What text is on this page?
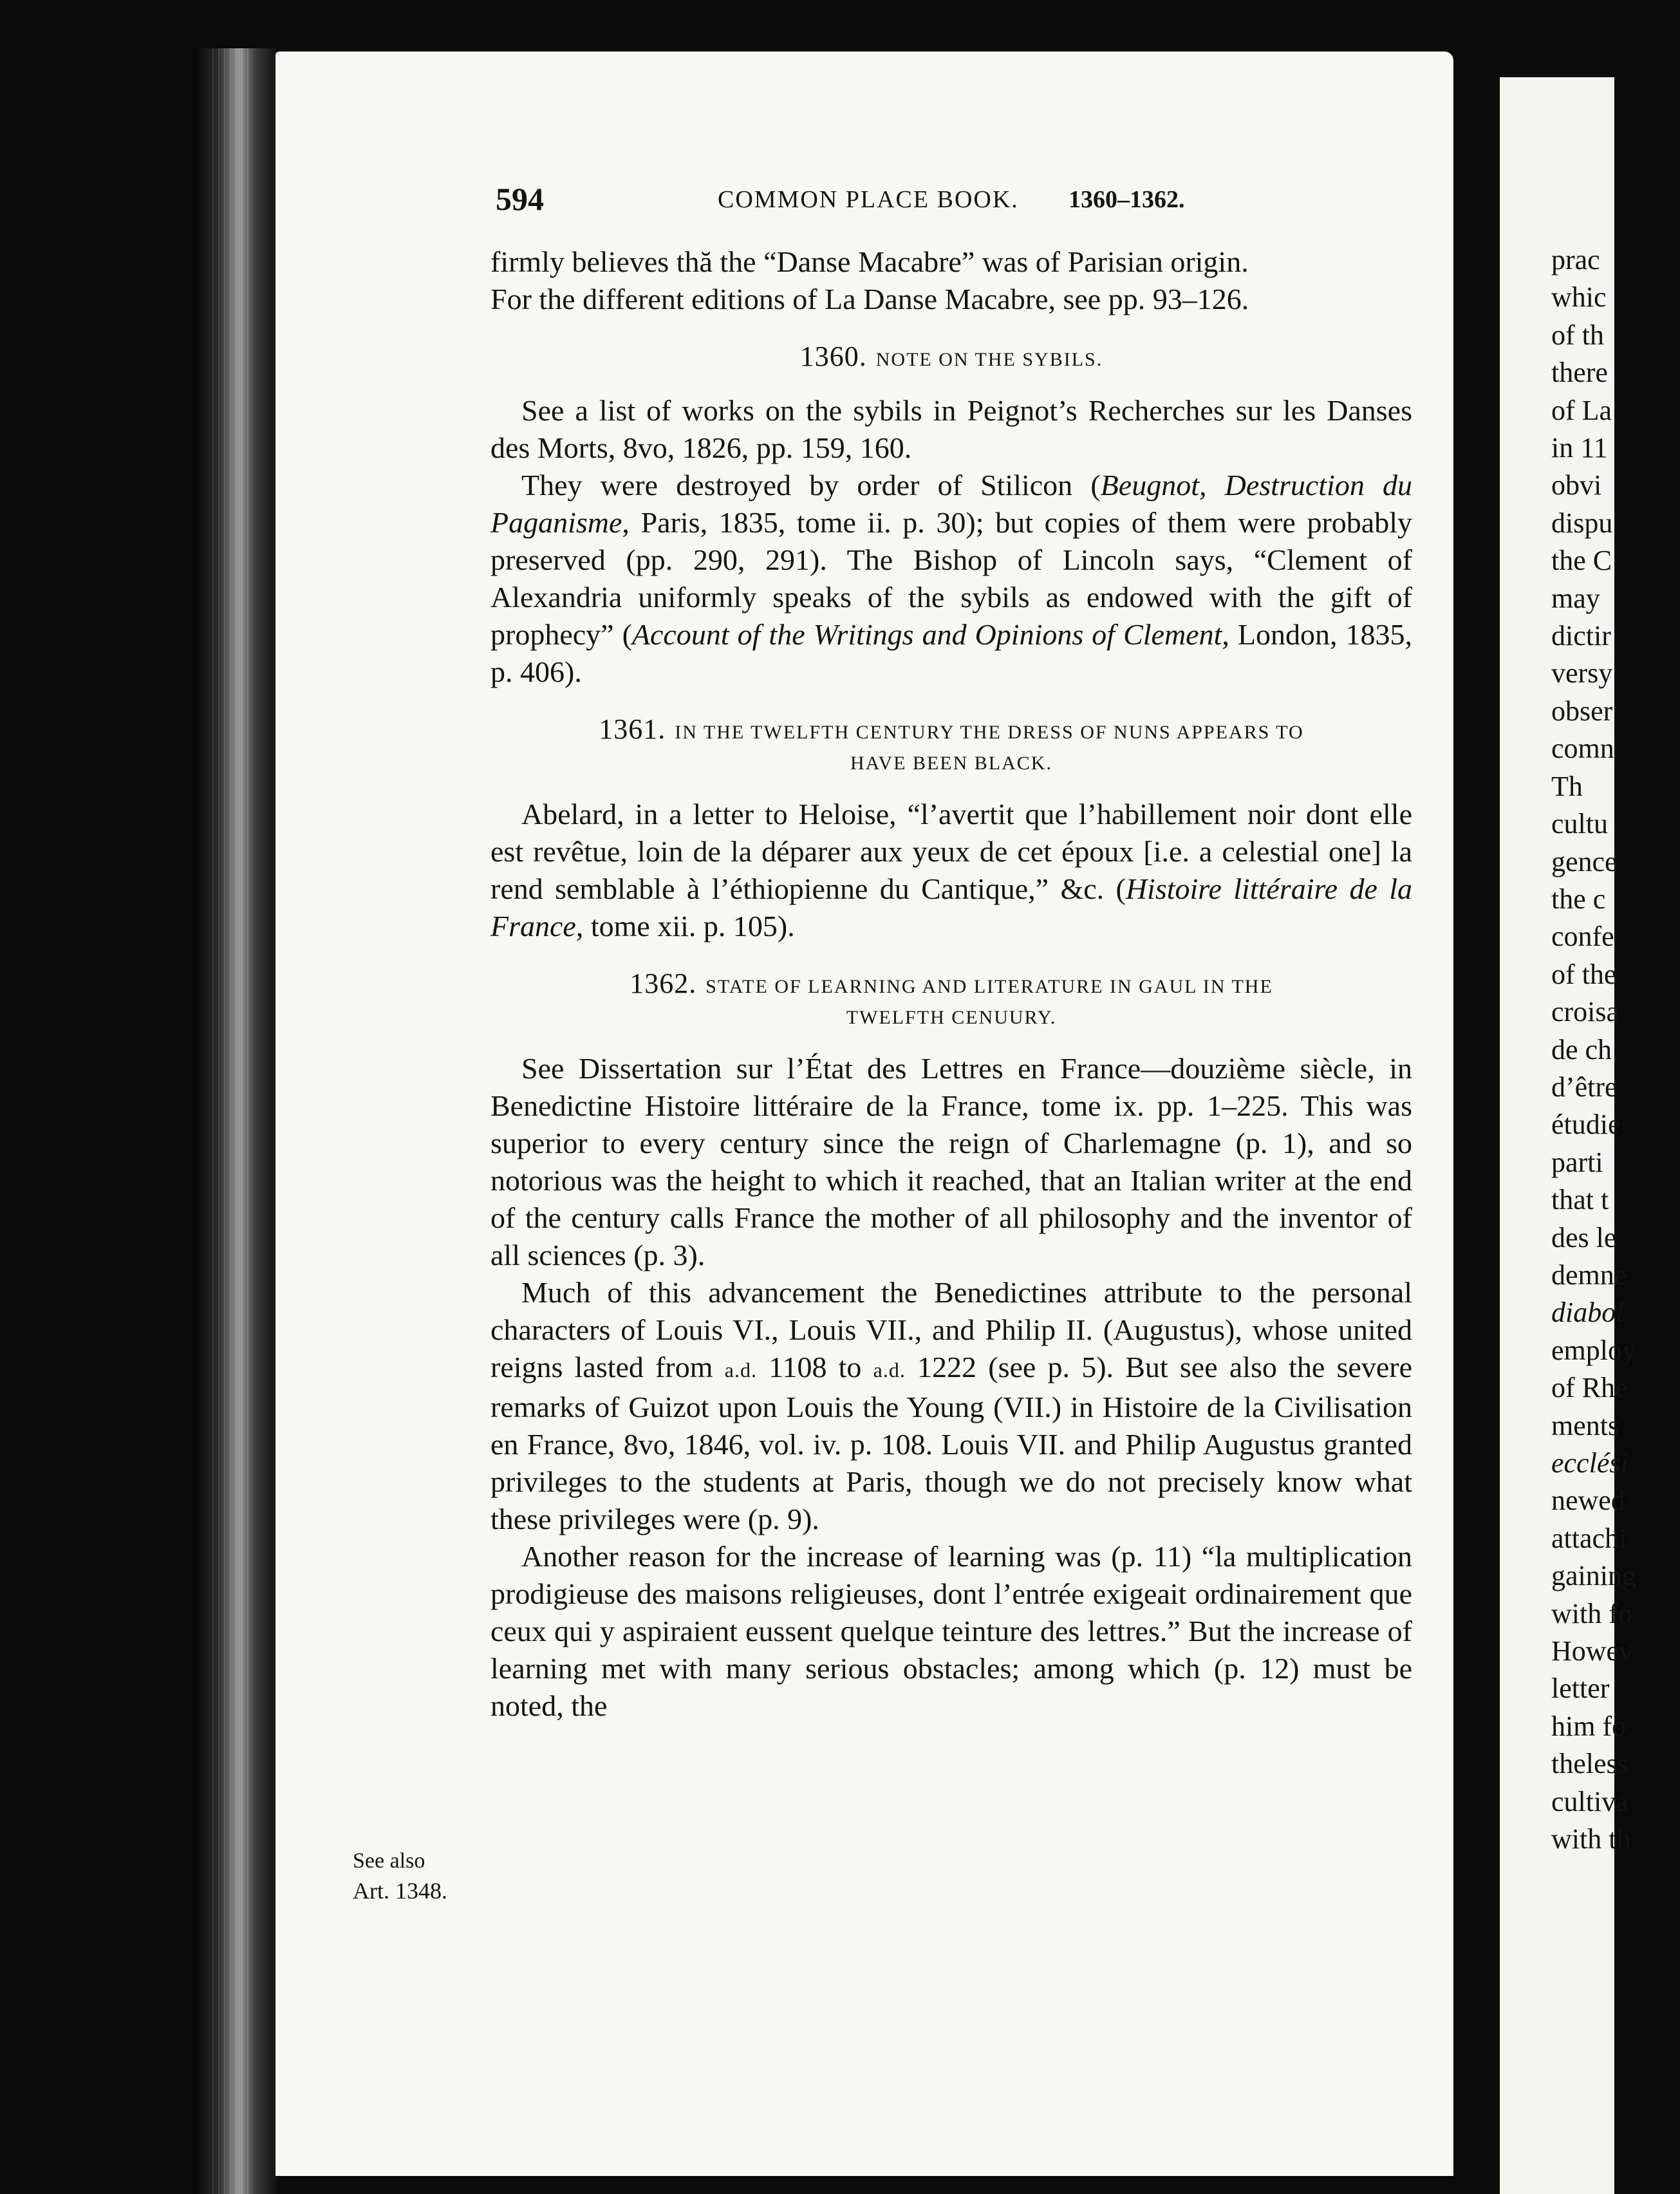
prac
whic
of th
there
of La
in 11
obvi
dispu
the C
may
dictir
versy
obser
comn
Th
cultu
gence
the c
confe
of the
croisa
de ch
d’être
étudie
parti
that t
des le
demne
diabol
employ
of Rhe
ments
ecclési
newed
attachi
gaining
with fo
Howev
letter
him fo
theless
cultiva
with th
594	COMMON PLACE BOOK. 1360–1362.

firmly believes thă the “Danse Macabre” was of Parisian origin.

For the different editions of La Danse Macabre, see pp. 93–126.

1360. NOTE ON THE SYBILS.

See a list of works on the sybils in Peignot’s Recherches sur les Danses des Morts, 8vo, 1826, pp. 159, 160.

They were destroyed by order of Stilicon (Beugnot, Destruction du Paganisme, Paris, 1835, tome ii. p. 30); but copies of them were probably preserved (pp. 290, 291). The Bishop of Lincoln says, “Clement of Alexandria uniformly speaks of the sybils as endowed with the gift of prophecy” (Account of the Writings and Opinions of Clement, London, 1835, p. 406).

1361. IN THE TWELFTH CENTURY THE DRESS OF NUNS APPEARS TO

HAVE BEEN BLACK.

Abelard, in a letter to Heloise, “l’avertit que l’habillement noir dont elle est revêtue, loin de la déparer aux yeux de cet époux [i.e. a celestial one] la rend semblable à l’éthiopienne du Cantique,” &c. (Histoire littéraire de la France, tome xii. p. 105).

1362. STATE OF LEARNING AND LITERATURE IN GAUL IN THE

TWELFTH CENUURY.

See Dissertation sur l’État des Lettres en France—douzième siècle, in Benedictine Histoire littéraire de la France, tome ix. pp. 1–225. This was superior to every century since the reign of Charlemagne (p. 1), and so notorious was the height to which it reached, that an Italian writer at the end of the century calls France the mother of all philosophy and the inventor of all sciences (p. 3).

Much of this advancement the Benedictines attribute to the personal characters of Louis VI., Louis VII., and Philip II. (Augustus), whose united reigns lasted from a.d. 1108 to a.d. 1222 (see p. 5). But see also the severe remarks of Guizot upon Louis the Young (VII.) in Histoire de la Civilisation en France, 8vo, 1846, vol. iv. p. 108. Louis VII. and Philip Augustus granted privileges to the students at Paris, though we do not precisely know what these privileges were (p. 9).

Another reason for the increase of learning was (p. 11) “la multiplication prodigieuse des maisons religieuses, dont l’entrée exigeait ordinairement que ceux qui y aspiraient eussent quelque teinture des lettres.” But the increase of learning met with many serious obstacles; among which (p. 12) must be noted, the

See also
Art. 1348.
